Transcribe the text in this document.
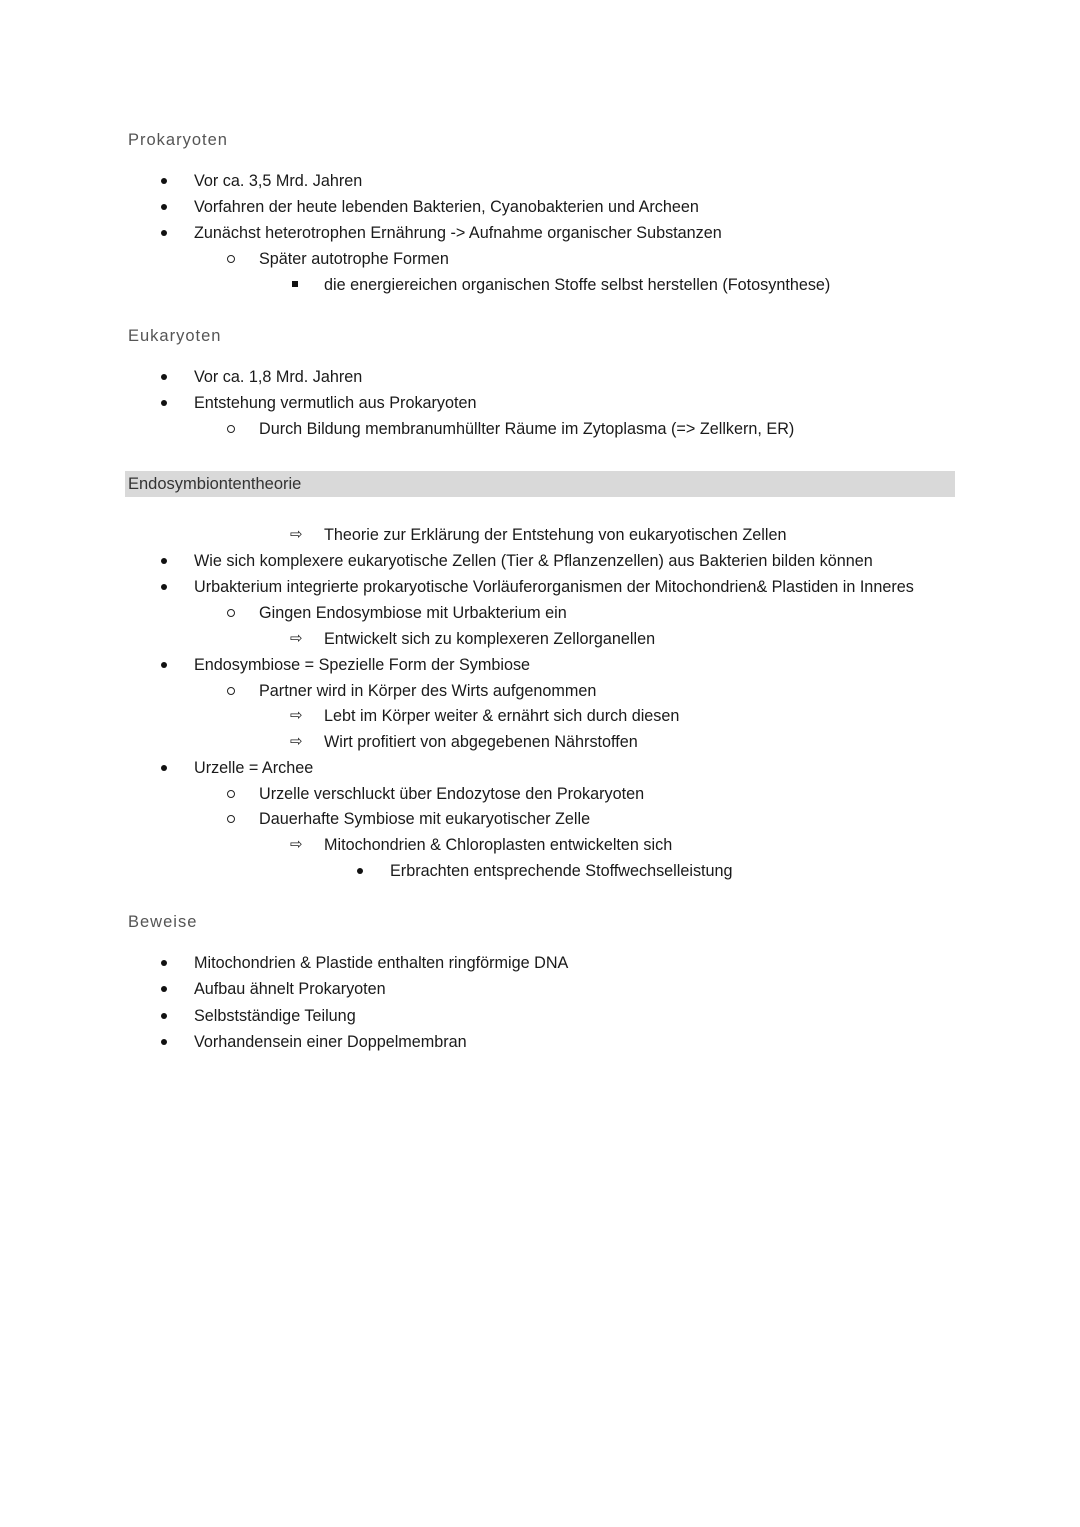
Prokaryoten
Vor ca. 3,5 Mrd. Jahren
Vorfahren der heute lebenden Bakterien, Cyanobakterien und Archeen
Zunächst heterotrophen Ernährung -> Aufnahme organischer Substanzen
Später autotrophe Formen
die energiereichen organischen Stoffe selbst herstellen (Fotosynthese)
Eukaryoten
Vor ca. 1,8 Mrd. Jahren
Entstehung vermutlich aus Prokaryoten
Durch Bildung membranumhüllter Räume im Zytoplasma (=> Zellkern, ER)
Endosymbiontentheorie
⇨ Theorie zur Erklärung der Entstehung von eukaryotischen Zellen
Wie sich komplexere eukaryotische Zellen (Tier & Pflanzenzellen) aus Bakterien bilden können
Urbakterium integrierte prokaryotische Vorläuferorganismen der Mitochondrien& Plastiden in Inneres
Gingen Endosymbiose mit Urbakterium ein
⇨ Entwickelt sich zu komplexeren Zellorganellen
Endosymbiose = Spezielle Form der Symbiose
Partner wird in Körper des Wirts aufgenommen
⇨ Lebt im Körper weiter & ernährt sich durch diesen
⇨ Wirt profitiert von abgegebenen Nährstoffen
Urzelle = Archee
Urzelle verschluckt über Endozytose den Prokaryoten
Dauerhafte Symbiose mit eukaryotischer Zelle
⇨ Mitochondrien & Chloroplasten entwickelten sich
Erbrachten entsprechende Stoffwechselleistung
Beweise
Mitochondrien & Plastide enthalten ringförmige DNA
Aufbau ähnelt Prokaryoten
Selbstständige Teilung
Vorhandensein einer Doppelmembran
